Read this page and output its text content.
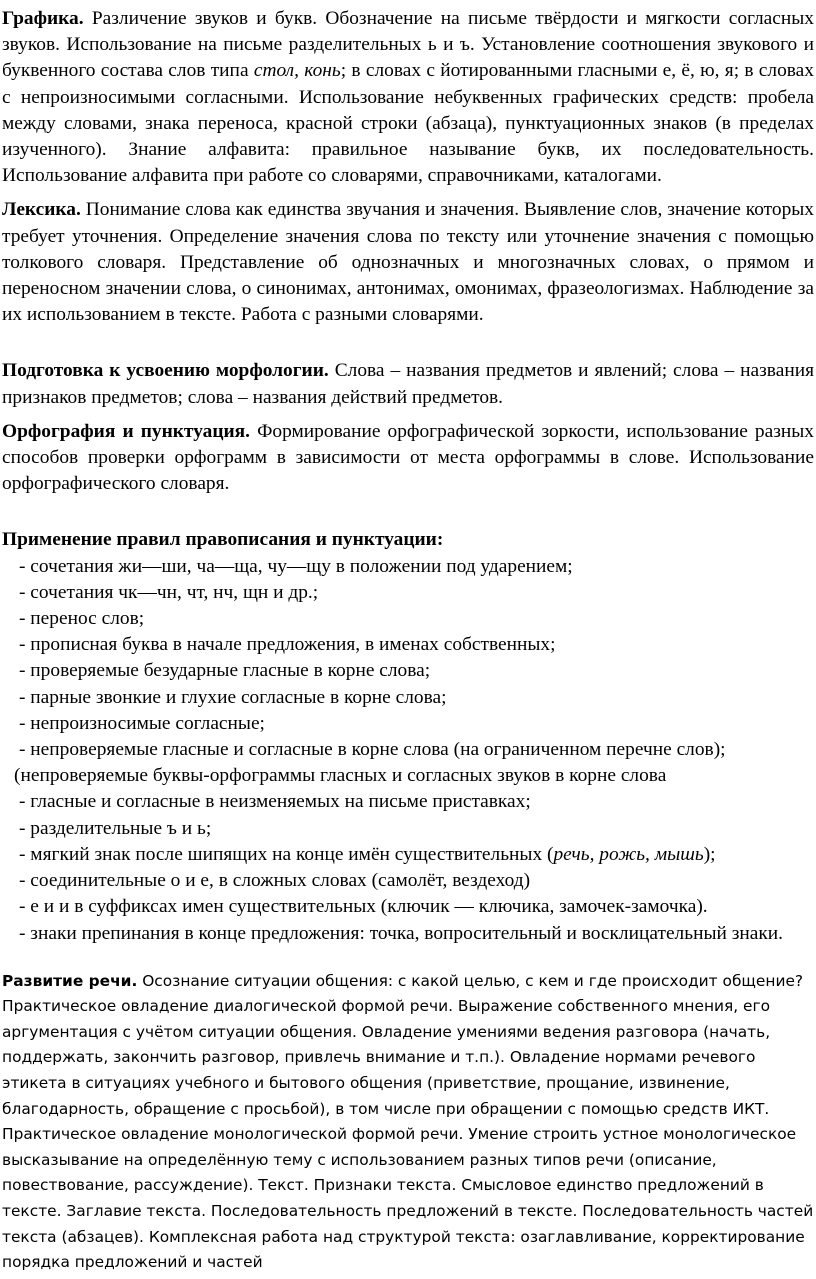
Графика. Различение звуков и букв. Обозначение на письме твёрдости и мягкости согласных звуков. Использование на письме разделительных ь и ъ. Установление соотношения звукового и буквенного состава слов типа стол, конь; в словах с йотированными гласными е, ё, ю, я; в словах с непроизносимыми согласными. Использование небуквенных графических средств: пробела между словами, знака переноса, красной строки (абзаца), пунктуационных знаков (в пределах изученного). Знание алфавита: правильное называние букв, их последовательность. Использование алфавита при работе со словарями, справочниками, каталогами.

Лексика. Понимание слова как единства звучания и значения. Выявление слов, значение которых требует уточнения. Определение значения слова по тексту или уточнение значения с помощью толкового словаря. Представление об однозначных и многозначных словах, о прямом и переносном значении слова, о синонимах, антонимах, омонимах, фразеологизмах. Наблюдение за их использованием в тексте. Работа с разными словарями.

Подготовка к усвоению морфологии. Слова – названия предметов и явлений; слова – названия признаков предметов; слова – названия действий предметов.

Орфография и пунктуация. Формирование орфографической зоркости, использование разных способов проверки орфограмм в зависимости от места орфограммы в слове. Использование орфографического словаря.

Применение правил правописания и пунктуации:

- сочетания жи—ши, ча—ща, чу—щу в положении под ударением;
- сочетания чк—чн, чт, нч, щн и др.;
- перенос слов;
- прописная буква в начале предложения, в именах собственных;
- проверяемые безударные гласные в корне слова;
- парные звонкие и глухие согласные в корне слова;
- непроизносимые согласные;
- непроверяемые гласные и согласные в корне слова (на ограниченном перечне слов);
(непроверяемые буквы-орфограммы гласных и согласных звуков в корне слова
- гласные и согласные в неизменяемых на письме приставках;
- разделительные ъ и ь;
- мягкий знак после шипящих на конце имён существительных (речь, рожь, мышь);
- соединительные о и е, в сложных словах (самолёт, вездеход)
- е и и в суффиксах имен существительных (ключик — ключика, замочек-замочка).
- знаки препинания в конце предложения: точка, вопросительный и восклицательный знаки.

Развитие речи. Осознание ситуации общения: с какой целью, с кем и где происходит общение? Практическое овладение диалогической формой речи. Выражение собственного мнения, его аргументация с учётом ситуации общения. Овладение умениями ведения разговора (начать, поддержать, закончить разговор, привлечь внимание и т.п.). Овладение нормами речевого этикета в ситуациях учебного и бытового общения (приветствие, прощание, извинение, благодарность, обращение с просьбой), в том числе при обращении с помощью средств ИКТ. Практическое овладение монологической формой речи. Умение строить устное монологическое высказывание на определённую тему с использованием разных типов речи (описание, повествование, рассуждение). Текст. Признаки текста. Смысловое единство предложений в тексте. Заглавие текста. Последовательность предложений в тексте. Последовательность частей текста (абзацев). Комплексная работа над структурой текста: озаглавливание, корректирование порядка предложений и частей
